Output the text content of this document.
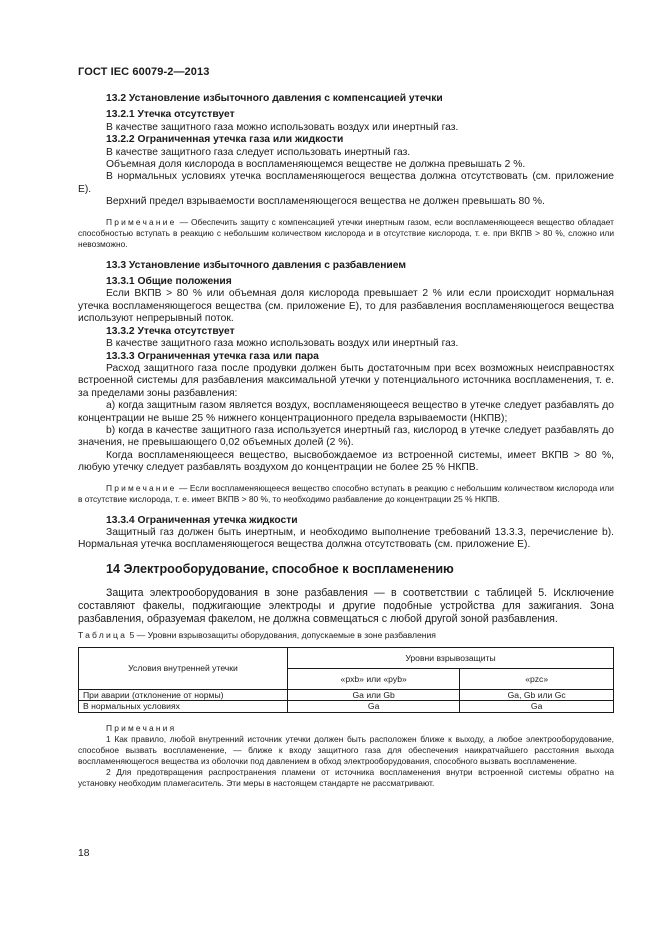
ГОСТ IEC 60079-2—2013

13.2 Установление избыточного давления с компенсацией утечки

13.2.1 Утечка отсутствует

В качестве защитного газа можно использовать воздух или инертный газ.

13.2.2 Ограниченная утечка газа или жидкости

В качестве защитного газа следует использовать инертный газ.

Объемная доля кислорода в воспламеняющемся веществе не должна превышать 2 %.

В нормальных условиях утечка воспламеняющегося вещества должна отсутствовать (см. приложение Е).

Верхний предел взрываемости воспламеняющегося вещества не должен превышать 80 %.

Примечание — Обеспечить защиту с компенсацией утечки инертным газом, если воспламеняющееся вещество обладает способностью вступать в реакцию с небольшим количеством кислорода и в отсутствие кислорода, т. е. при ВКПВ > 80 %, сложно или невозможно.

13.3 Установление избыточного давления с разбавлением

13.3.1 Общие положения

Если ВКПВ > 80 % или объемная доля кислорода превышает 2 % или если происходит нормальная утечка воспламеняющегося вещества (см. приложение Е), то для разбавления воспламеняющегося вещества используют непрерывный поток.

13.3.2 Утечка отсутствует

В качестве защитного газа можно использовать воздух или инертный газ.

13.3.3 Ограниченная утечка газа или пара

Расход защитного газа после продувки должен быть достаточным при всех возможных неисправностях встроенной системы для разбавления максимальной утечки у потенциального источника воспламенения, т. е. за пределами зоны разбавления:

а) когда защитным газом является воздух, воспламеняющееся вещество в утечке следует разбавлять до концентрации не выше 25 % нижнего концентрационного предела взрываемости (НКПВ);

b) когда в качестве защитного газа используется инертный газ, кислород в утечке следует разбавлять до значения, не превышающего 0,02 объемных долей (2 %).

Когда воспламеняющееся вещество, высвобождаемое из встроенной системы, имеет ВКПВ > 80 %, любую утечку следует разбавлять воздухом до концентрации не более 25 % НКПВ.

Примечание — Если воспламеняющееся вещество способно вступать в реакцию с небольшим количеством кислорода или в отсутствие кислорода, т. е. имеет ВКПВ > 80 %, то необходимо разбавление до концентрации 25 % НКПВ.

13.3.4 Ограниченная утечка жидкости

Защитный газ должен быть инертным, и необходимо выполнение требований 13.3.3, перечисление b). Нормальная утечка воспламеняющегося вещества должна отсутствовать (см. приложение Е).

14 Электрооборудование, способное к воспламенению

Защита электрооборудования в зоне разбавления — в соответствии с таблицей 5. Исключение составляют факелы, поджигающие электроды и другие подобные устройства для зажигания. Зона разбавления, образуемая факелом, не должна совмещаться с любой другой зоной разбавления.

Таблица 5 — Уровни взрывозащиты оборудования, допускаемые в зоне разбавления

Условия внутренней утечки	Уровни взрывозащиты	
	«pxb» или «pyb»	«pzc»
При аварии (отклонение от нормы)	Ga или Gb	Ga, Gb или Gc
В нормальных условиях	Ga	Ga

Примечания

1 Как правило, любой внутренний источник утечки должен быть расположен ближе к выходу, а любое электрооборудование, способное вызвать воспламенение, — ближе к входу защитного газа для обеспечения наикратчайшего расстояния выхода воспламеняющегося вещества из оболочки под давлением в обход электрооборудования, способного вызвать воспламенение.

2 Для предотвращения распространения пламени от источника воспламенения внутри встроенной системы обратно на установку необходим пламегаситель. Эти меры в настоящем стандарте не рассматривают.

18
